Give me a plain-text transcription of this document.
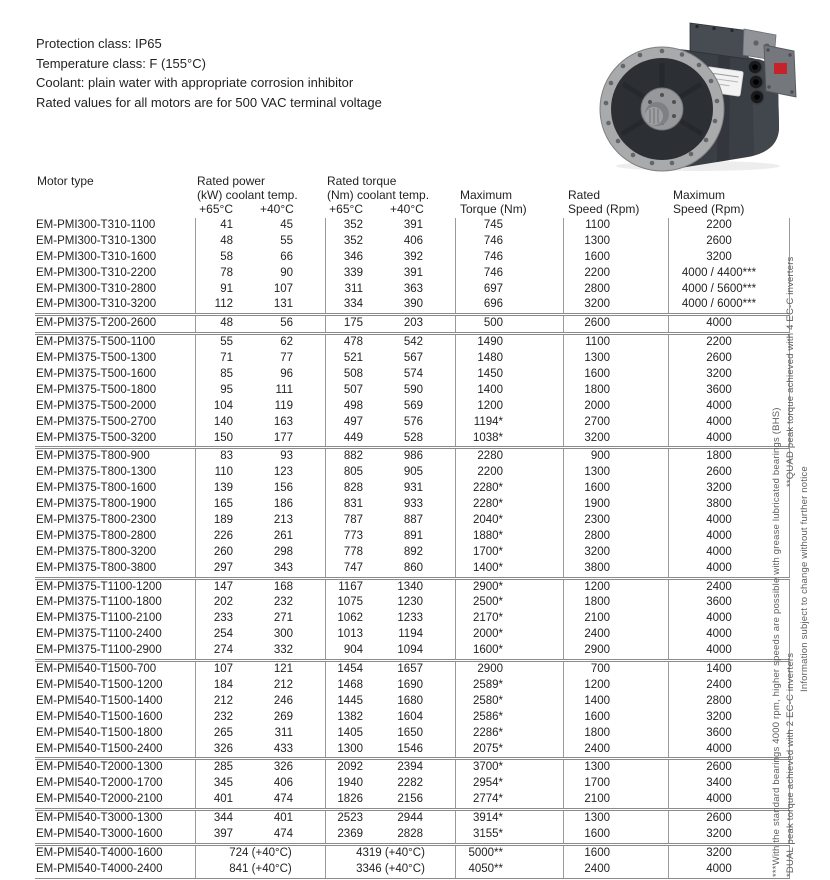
Protection class: IP65
Temperature class: F (155°C)
Coolant: plain water with appropriate corrosion inhibitor
Rated values for all motors are for 500 VAC terminal voltage
Motor type	Rated power	Rated torque
(kW) coolant temp.	(Nm) coolant temp.	Maximum	Rated	Maximum
+65°C	+40°C	+65°C	+40°C	Torque (Nm)	Speed (Rpm)	Speed (Rpm)
EM-PMI300-T310-1100	41	45	352	391	745	1100	2200
EM-PMI300-T310-1300	48	55	352	406	746	1300	2600
EM-PMI300-T310-1600	58	66	346	392	746	1600	3200
EM-PMI300-T310-2200	78	90	339	391	746	2200	4000 / 4400***
EM-PMI300-T310-2800	91	107	311	363	697	2800	4000 / 5600***
EM-PMI300-T310-3200	112	131	334	390	696	3200	4000 / 6000***
EM-PMI375-T200-2600	48	56	175	203	500	2600	4000
EM-PMI375-T500-1100	55	62	478	542	1490	1100	2200
EM-PMI375-T500-1300	71	77	521	567	1480	1300	2600
EM-PMI375-T500-1600	85	96	508	574	1450	1600	3200
EM-PMI375-T500-1800	95	111	507	590	1400	1800	3600
EM-PMI375-T500-2000	104	119	498	569	1200	2000	4000
EM-PMI375-T500-2700	140	163	497	576	1194*	2700	4000
EM-PMI375-T500-3200	150	177	449	528	1038*	3200	4000
EM-PMI375-T800-900	83	93	882	986	2280	900	1800
EM-PMI375-T800-1300	110	123	805	905	2200	1300	2600
EM-PMI375-T800-1600	139	156	828	931	2280*	1600	3200
EM-PMI375-T800-1900	165	186	831	933	2280*	1900	3800
EM-PMI375-T800-2300	189	213	787	887	2040*	2300	4000
EM-PMI375-T800-2800	226	261	773	891	1880*	2800	4000
EM-PMI375-T800-3200	260	298	778	892	1700*	3200	4000
EM-PMI375-T800-3800	297	343	747	860	1400*	3800	4000
EM-PMI375-T1100-1200	147	168	1167	1340	2900*	1200	2400
EM-PMI375-T1100-1800	202	232	1075	1230	2500*	1800	3600
EM-PMI375-T1100-2100	233	271	1062	1233	2170*	2100	4000
EM-PMI375-T1100-2400	254	300	1013	1194	2000*	2400	4000
EM-PMI375-T1100-2900	274	332	904	1094	1600*	2900	4000
EM-PMI540-T1500-700	107	121	1454	1657	2900	700	1400
EM-PMI540-T1500-1200	184	212	1468	1690	2589*	1200	2400
EM-PMI540-T1500-1400	212	246	1445	1680	2580*	1400	2800
EM-PMI540-T1500-1600	232	269	1382	1604	2586*	1600	3200
EM-PMI540-T1500-1800	265	311	1405	1650	2286*	1800	3600
EM-PMI540-T1500-2400	326	433	1300	1546	2075*	2400	4000
EM-PMI540-T2000-1300	285	326	2092	2394	3700*	1300	2600
EM-PMI540-T2000-1700	345	406	1940	2282	2954*	1700	3400
EM-PMI540-T2000-2100	401	474	1826	2156	2774*	2100	4000
EM-PMI540-T3000-1300	344	401	2523	2944	3914*	1300	2600
EM-PMI540-T3000-1600	397	474	2369	2828	3155*	1600	3200
EM-PMI540-T4000-1600	724 (+40°C)	4319 (+40°C)	5000**	1600	3200
EM-PMI540-T4000-2400	841 (+40°C)	3346 (+40°C)	4050**	2400	4000	***With the standard bearings 4000 rpm, higher speeds are possible with grease lubricated bearings (BHS) *DUAL peak torque achieved with 2 EC-C inverters
**QUAD peak torque achieved with 4 EC-C inverters
Information subject to change without further notice
